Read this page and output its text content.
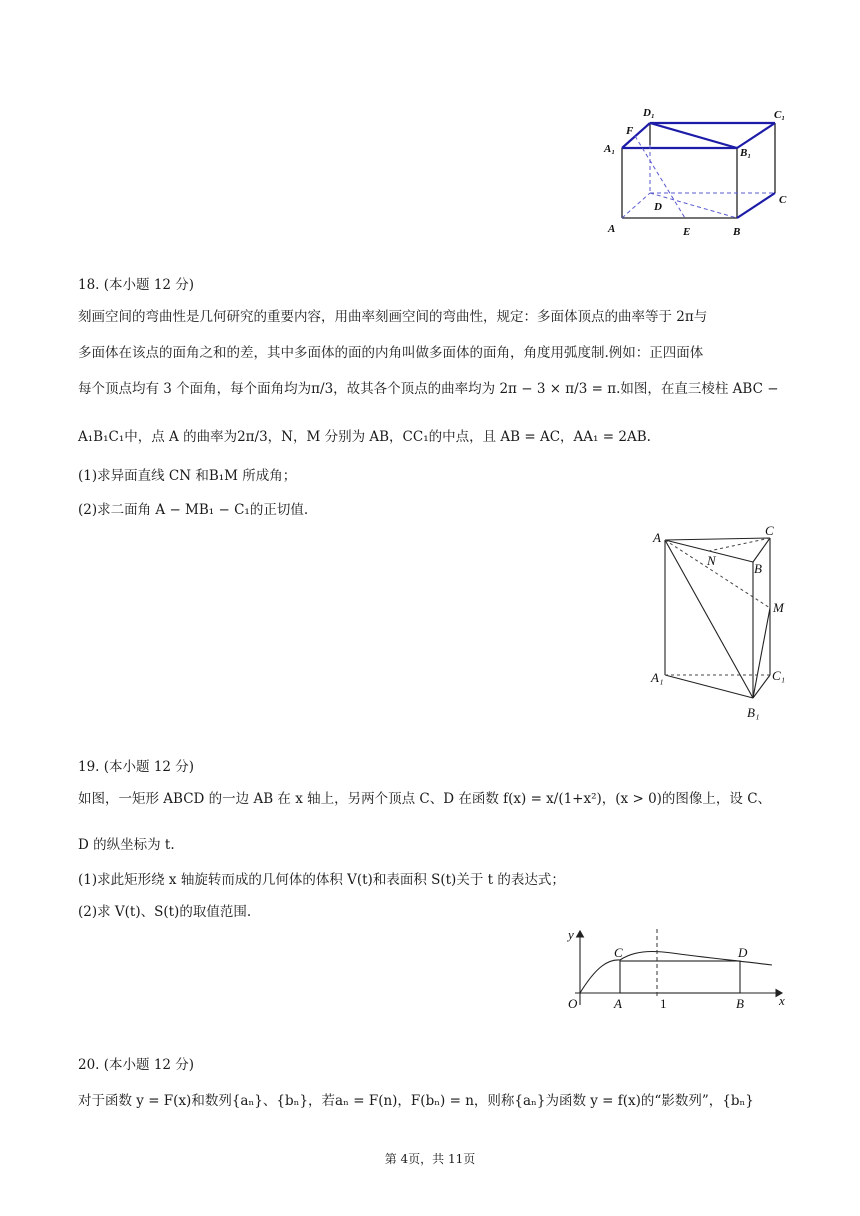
D₁	C₁
F
A₁	B₁
D
C
A	E	B
18. (本小题 12 分)
刻画空间的弯曲性是几何研究的重要内容，用曲率刻画空间的弯曲性，规定：多面体顶点的曲率等于 2π与
多面体在该点的面角之和的差，其中多面体的面的内角叫做多面体的面角，角度用弧度制.例如：正四面体
每个顶点均有 3 个面角，每个面角均为π/3，故其各个顶点的曲率均为 2π − 3 × π/3 = π.如图，在直三棱柱 ABC −
A₁B₁C₁中，点 A 的曲率为2π/3，N，M 分别为 AB，CC₁的中点，且 AB = AC，AA₁ = 2AB.
(1)求异面直线 CN 和B₁M 所成角；
(2)求二面角 A − MB₁ − C₁的正切值.
A	C
N
B
M
A₁	C₁
B₁
19. (本小题 12 分)
如图，一矩形 ABCD 的一边 AB 在 x 轴上，另两个顶点 C、D 在函数 f(x) = x/(1+x²)，(x > 0)的图像上，设 C、
D 的纵坐标为 t.
(1)求此矩形绕 x 轴旋转而成的几何体的体积 V(t)和表面积 S(t)关于 t 的表达式；
(2)求 V(t)、S(t)的取值范围.
y
x
O	A	1	B
C	D
20. (本小题 12 分)
对于函数 y = F(x)和数列{aₙ}、{bₙ}，若aₙ = F(n)，F(bₙ) = n，则称{aₙ}为函数 y = f(x)的“影数列”，{bₙ}
第 4页，共 11页
